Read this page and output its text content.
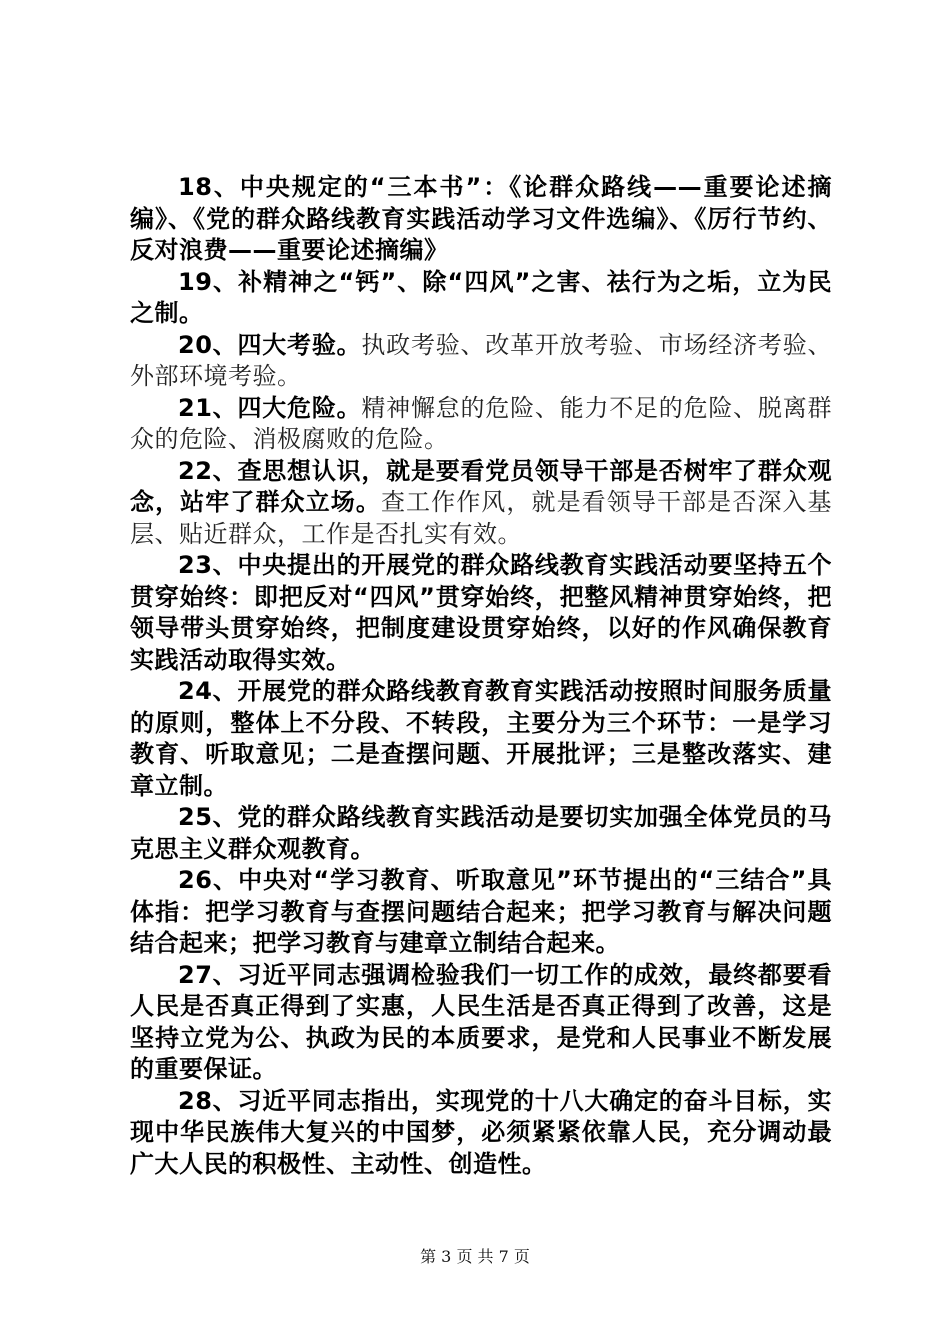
18、中央规定的“三本书”：《论群众路线——重要论述摘编》、《党的群众路线教育实践活动学习文件选编》、《厉行节约、反对浪费——重要论述摘编》

19、补精神之“钙”、除“四风”之害、祛行为之垢，立为民之制。

20、四大考验。执政考验、改革开放考验、市场经济考验、外部环境考验。

21、四大危险。精神懈怠的危险、能力不足的危险、脱离群众的危险、消极腐败的危险。

22、查思想认识，就是要看党员领导干部是否树牢了群众观念，站牢了群众立场。查工作作风，就是看领导干部是否深入基层、贴近群众，工作是否扎实有效。

23、中央提出的开展党的群众路线教育实践活动要坚持五个贯穿始终：即把反对“四风”贯穿始终，把整风精神贯穿始终，把领导带头贯穿始终，把制度建设贯穿始终，以好的作风确保教育实践活动取得实效。

24、开展党的群众路线教育教育实践活动按照时间服务质量的原则，整体上不分段、不转段，主要分为三个环节：一是学习教育、听取意见；二是查摆问题、开展批评；三是整改落实、建章立制。

25、党的群众路线教育实践活动是要切实加强全体党员的马克思主义群众观教育。

26、中央对“学习教育、听取意见”环节提出的“三结合”具体指：把学习教育与查摆问题结合起来；把学习教育与解决问题结合起来；把学习教育与建章立制结合起来。

27、习近平同志强调检验我们一切工作的成效，最终都要看人民是否真正得到了实惠，人民生活是否真正得到了改善，这是坚持立党为公、执政为民的本质要求，是党和人民事业不断发展的重要保证。

28、习近平同志指出，实现党的十八大确定的奋斗目标，实现中华民族伟大复兴的中国梦，必须紧紧依靠人民，充分调动最广大人民的积极性、主动性、创造性。

第 3 页 共 7 页
